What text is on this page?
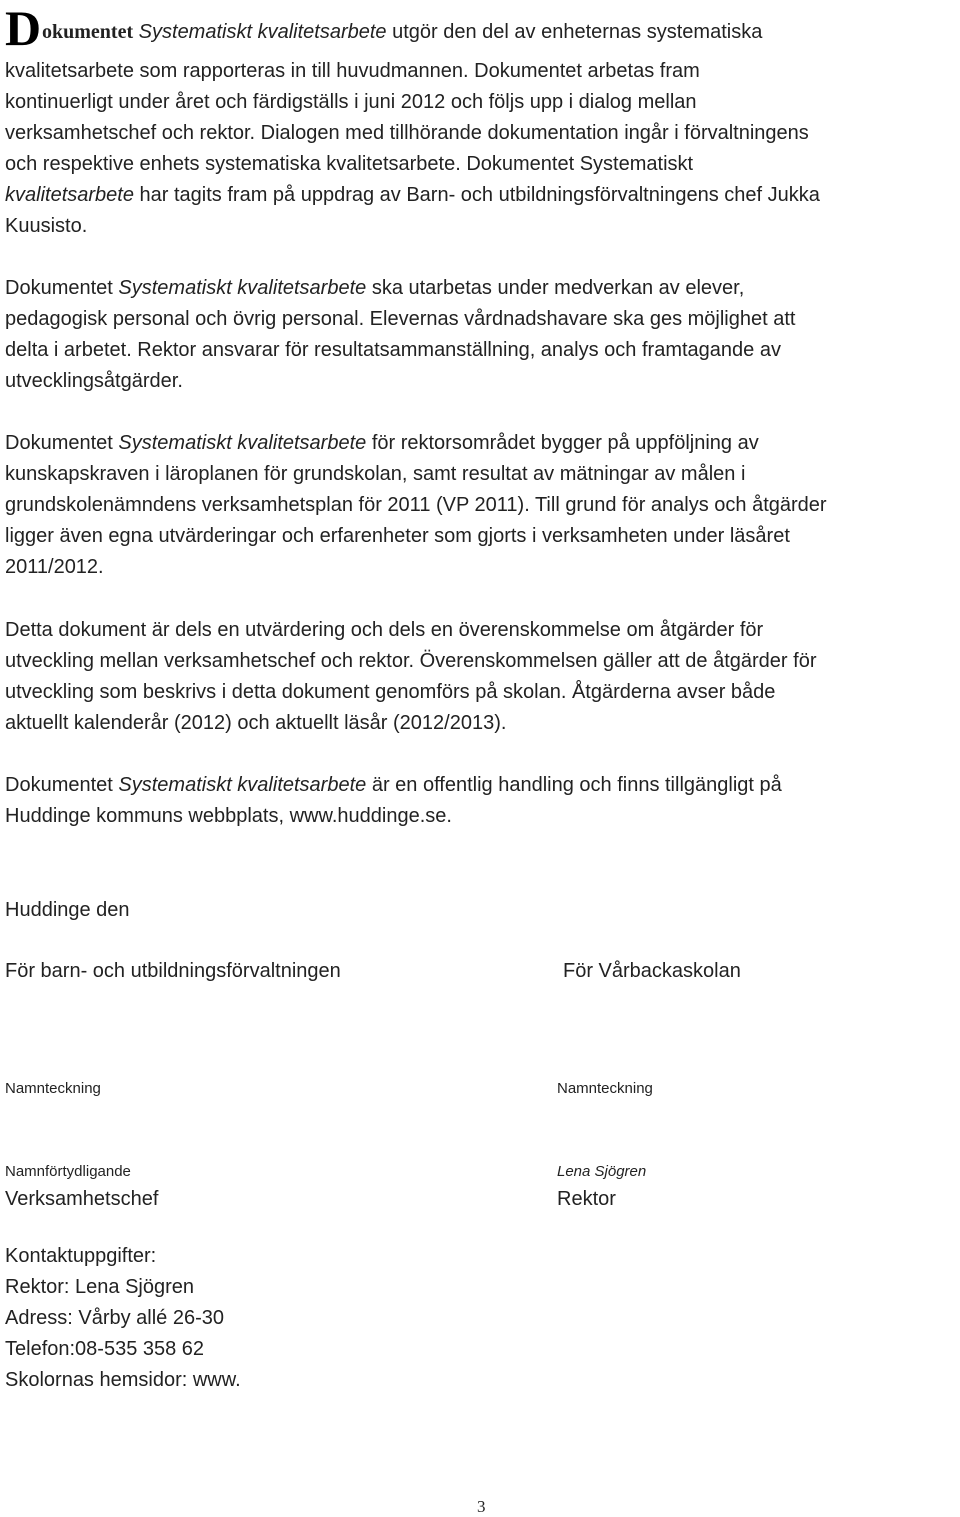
D okumentet Systematiskt kvalitetsarbete utgör den del av enheternas systematiska

kvalitetsarbete som rapporteras in till huvudmannen. Dokumentet arbetas fram

kontinuerligt under året och färdigställs i juni 2012 och följs upp i dialog mellan

verksamhetschef och rektor. Dialogen med tillhörande dokumentation ingår i förvaltningens

och respektive enhets systematiska kvalitetsarbete. Dokumentet Systematiskt

kvalitetsarbete har tagits fram på uppdrag av Barn- och utbildningsförvaltningens chef Jukka

Kuusisto.

Dokumentet Systematiskt kvalitetsarbete ska utarbetas under medverkan av elever,

pedagogisk personal och övrig personal. Elevernas vårdnadshavare ska ges möjlighet att

delta i arbetet. Rektor ansvarar för resultatsammanställning, analys och framtagande av

utvecklingsåtgärder.

Dokumentet Systematiskt kvalitetsarbete för rektorsområdet bygger på uppföljning av

kunskapskraven i läroplanen för grundskolan, samt resultat av mätningar av målen i

grundskolenämndens verksamhetsplan för 2011 (VP 2011). Till grund för analys och åtgärder

ligger även egna utvärderingar och erfarenheter som gjorts i verksamheten under läsåret

2011/2012.

Detta dokument är dels en utvärdering och dels en överenskommelse om åtgärder för

utveckling mellan verksamhetschef och rektor. Överenskommelsen gäller att de åtgärder för

utveckling som beskrivs i detta dokument genomförs på skolan. Åtgärderna avser både

aktuellt kalenderår (2012) och aktuellt läsår (2012/2013).

Dokumentet Systematiskt kvalitetsarbete är en offentlig handling och finns tillgängligt på

Huddinge kommuns webbplats, www.huddinge.se.

Huddinge den

För barn- och utbildningsförvaltningen	För Vårbackaskolan

Namnteckning	Namnteckning

Namnförtydligande	Lena Sjögren

Verksamhetschef	Rektor

Kontaktuppgifter:

Rektor: Lena Sjögren

Adress: Vårby allé 26-30

Telefon:08-535 358 62

Skolornas hemsidor: www.

3
